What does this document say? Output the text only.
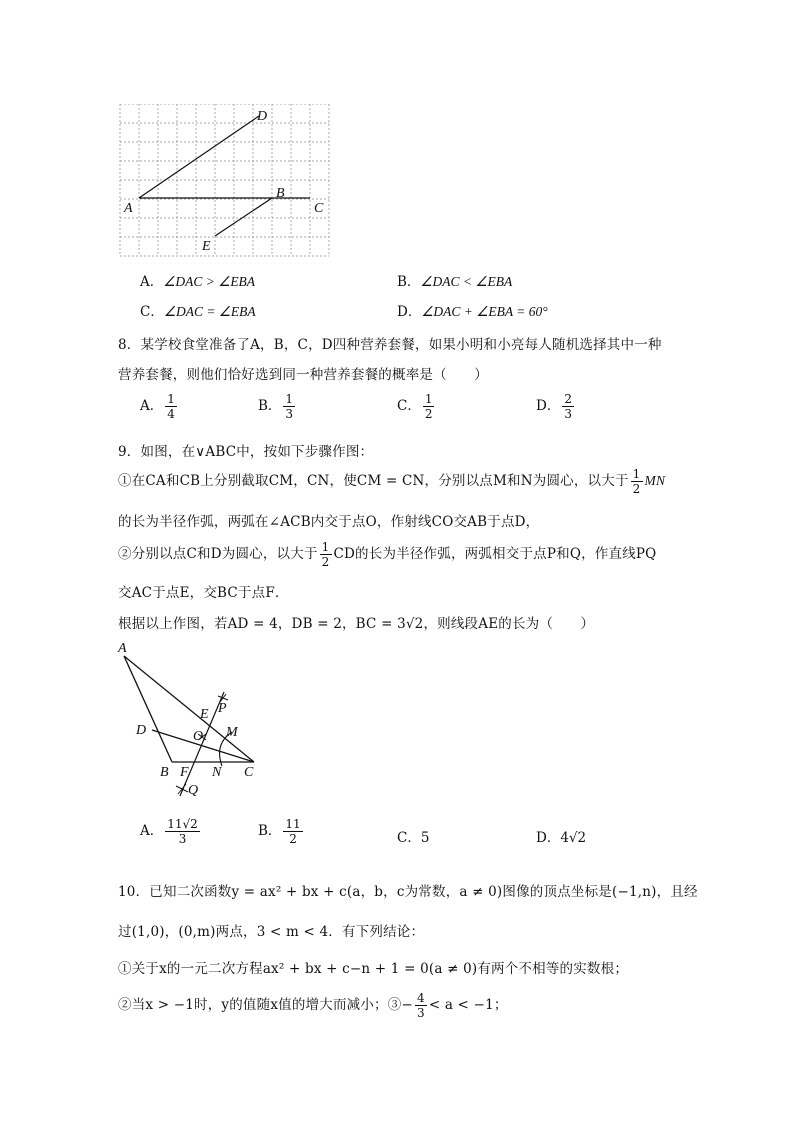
A
B
C
D
E
A．∠DAC > ∠EBA	B．∠DAC < ∠EBA
C．∠DAC = ∠EBA	D．∠DAC + ∠EBA = 60°
8．某学校食堂准备了A，B，C，D四种营养套餐，如果小明和小亮每人随机选择其中一种
营养套餐，则他们恰好选到同一种营养套餐的概率是（　　）
A． $\frac{1}{4}$	B． $\frac{1}{3}$	C． $\frac{1}{2}$	D． $\frac{2}{3}$
9．如图，在∨ABC中，按如下步骤作图：
①在CA和CB上分别截取CM，CN，使CM = CN，分别以点M和N为圆心，以大于 $\frac{1}{2}$ MN
的长为半径作弧，两弧在∠ACB内交于点O，作射线CO交AB于点D，
②分别以点C和D为圆心，以大于 $\frac{1}{2}$ CD的长为半径作弧，两弧相交于点P和Q，作直线PQ
交AC于点E，交BC于点F．
根据以上作图，若AD = 4，DB = 2，BC = 3√2，则线段AE的长为（　　）
A
D
B F N C
E P
O M
Q
A． $\frac{11√2}{3}$	B． $\frac{11}{2}$	C．5	D．4√2
10．已知二次函数y = ax² + bx + c(a，b，c为常数，a ≠ 0)图像的顶点坐标是(−1,n)，且经
过(1,0)，(0,m)两点，3 < m < 4．有下列结论：
①关于x的一元二次方程ax² + bx + c−n + 1 = 0(a ≠ 0)有两个不相等的实数根；
②当x > −1时，y的值随x值的增大而减小；③− $\frac{4}{3} < a < -1$；
